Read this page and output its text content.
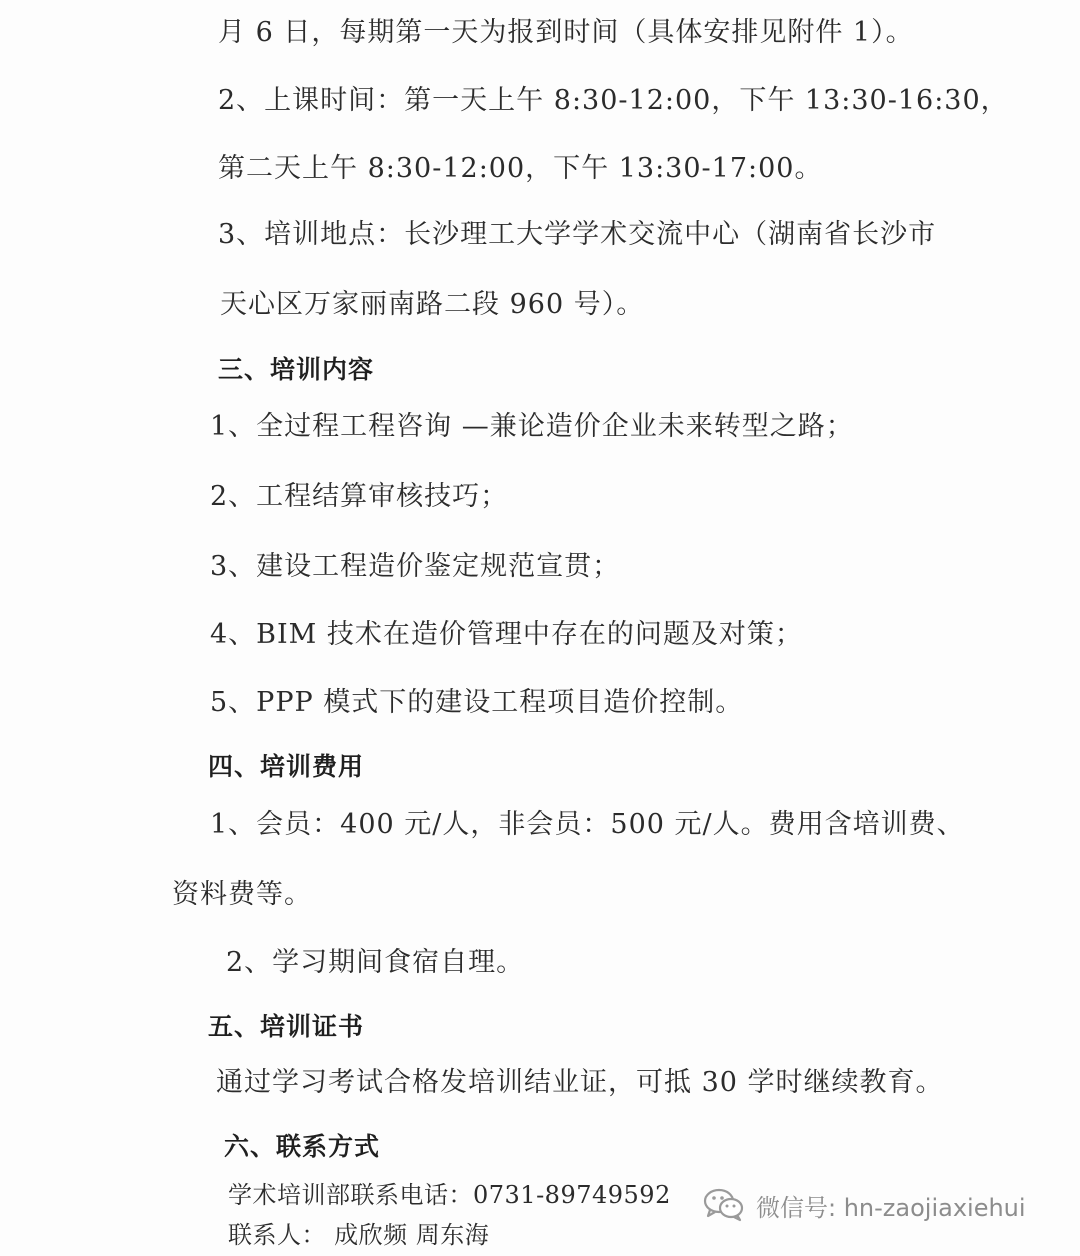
月 6 日，每期第一天为报到时间（具体安排见附件 1）。
2、上课时间：第一天上午 8:30-12:00，下午 13:30-16:30，
第二天上午 8:30-12:00，下午 13:30-17:00。
3、培训地点：长沙理工大学学术交流中心（湖南省长沙市
天心区万家丽南路二段 960 号）。
三、培训内容
1、全过程工程咨询 —兼论造价企业未来转型之路；
2、工程结算审核技巧；
3、建设工程造价鉴定规范宣贯；
4、BIM 技术在造价管理中存在的问题及对策；
5、PPP 模式下的建设工程项目造价控制。
四、培训费用
1、会员：400 元/人，非会员：500 元/人。费用含培训费、
资料费等。
2、学习期间食宿自理。
五、培训证书
通过学习考试合格发培训结业证，可抵 30 学时继续教育。
六、联系方式
学术培训部联系电话：0731-89749592
联系人： 成欣频 周东海
微信号: hn-zaojiaxiehui
